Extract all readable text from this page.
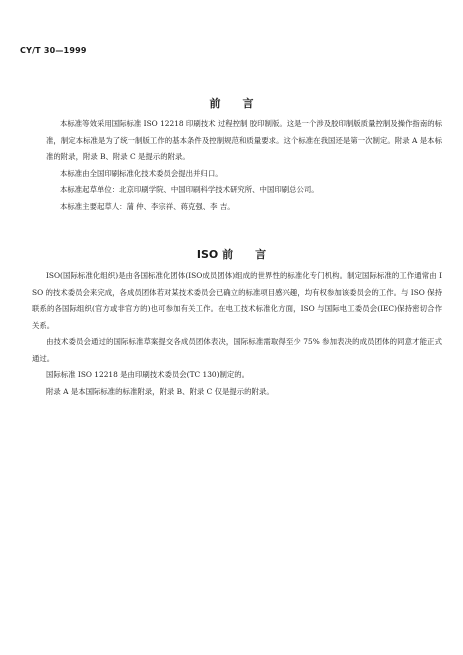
CY/T 30—1999
前 言

本标准等效采用国际标准 ISO 12218 印刷技术 过程控制 胶印制版。这是一个涉及胶印制版质量控制及操作指南的标准，制定本标准是为了统一制版工作的基本条件及控制规范和质量要求。这个标准在我国还是第一次制定。附录 A 是本标准的附录，附录 B、附录 C 是提示的附录。

本标准由全国印刷标准化技术委员会提出并归口。

本标准起草单位：北京印刷学院、中国印刷科学技术研究所、中国印刷总公司。

本标准主要起草人：蒲 仲、李宗祥、蒋克强、李 吉。

ISO 前 言

ISO(国际标准化组织)是由各国标准化团体(ISO成员团体)组成的世界性的标准化专门机构。制定国际标准的工作通常由 ISO 的技术委员会来完成，各成员团体若对某技术委员会已确立的标准项目感兴趣，均有权参加该委员会的工作。与 ISO 保持联系的各国际组织(官方或非官方的)也可参加有关工作。在电工技术标准化方面，ISO 与国际电工委员会(IEC)保持密切合作关系。

由技术委员会通过的国际标准草案提交各成员团体表决，国际标准需取得至少 75% 参加表决的成员团体的同意才能正式通过。

国际标准 ISO 12218 是由印刷技术委员会(TC 130)制定的。

附录 A 是本国际标准的标准附录，附录 B、附录 C 仅是提示的附录。
